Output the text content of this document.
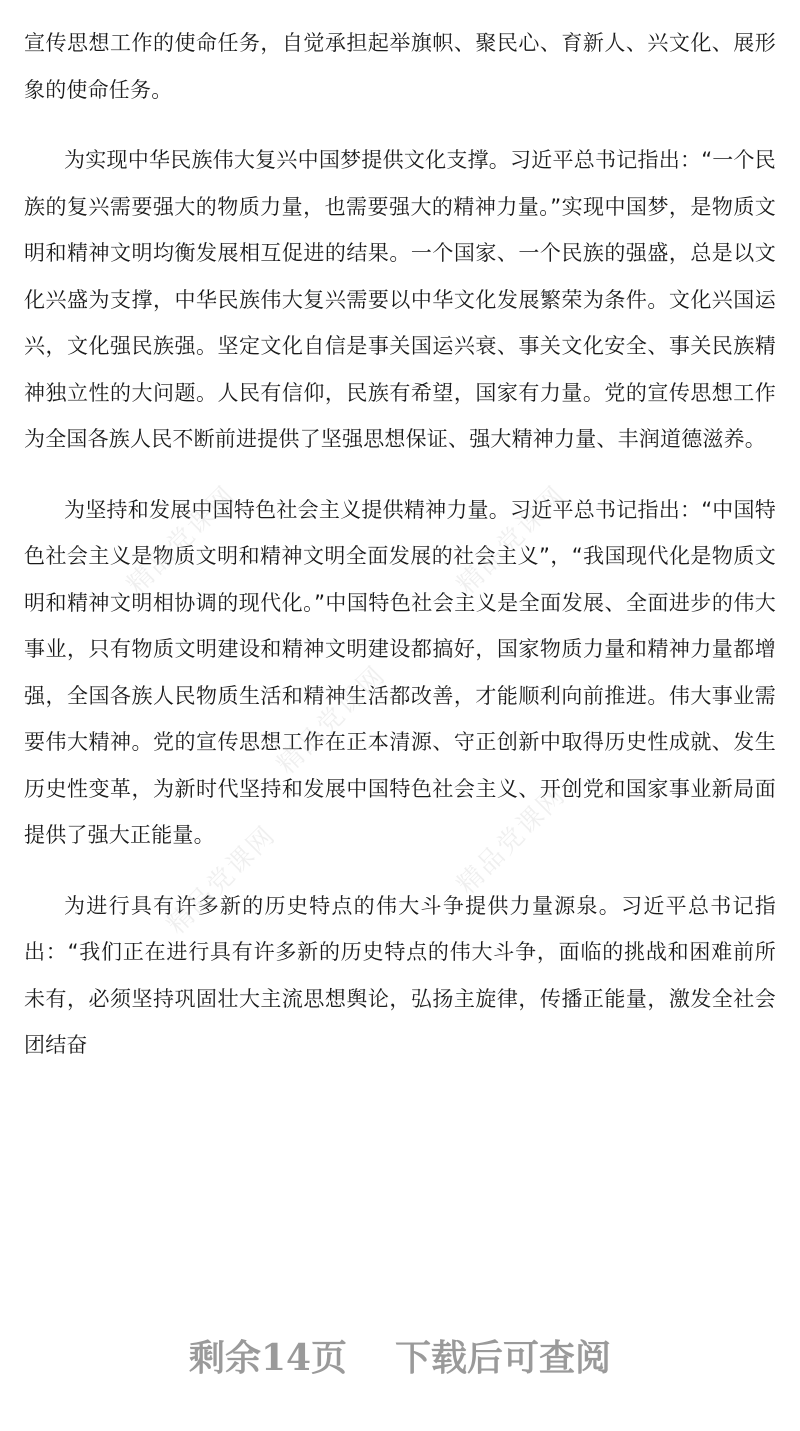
宣传思想工作的使命任务，自觉承担起举旗帜、聚民心、育新人、兴文化、展形象的使命任务。

为实现中华民族伟大复兴中国梦提供文化支撑。习近平总书记指出：“一个民族的复兴需要强大的物质力量，也需要强大的精神力量。”实现中国梦，是物质文明和精神文明均衡发展相互促进的结果。一个国家、一个民族的强盛，总是以文化兴盛为支撑，中华民族伟大复兴需要以中华文化发展繁荣为条件。文化兴国运兴，文化强民族强。坚定文化自信是事关国运兴衰、事关文化安全、事关民族精神独立性的大问题。人民有信仰，民族有希望，国家有力量。党的宣传思想工作为全国各族人民不断前进提供了坚强思想保证、强大精神力量、丰润道德滋养。

为坚持和发展中国特色社会主义提供精神力量。习近平总书记指出：“中国特色社会主义是物质文明和精神文明全面发展的社会主义”，“我国现代化是物质文明和精神文明相协调的现代化。”中国特色社会主义是全面发展、全面进步的伟大事业，只有物质文明建设和精神文明建设都搞好，国家物质力量和精神力量都增强，全国各族人民物质生活和精神生活都改善，才能顺利向前推进。伟大事业需要伟大精神。党的宣传思想工作在正本清源、守正创新中取得历史性成就、发生历史性变革，为新时代坚持和发展中国特色社会主义、开创党和国家事业新局面提供了强大正能量。

为进行具有许多新的历史特点的伟大斗争提供力量源泉。习近平总书记指出：“我们正在进行具有许多新的历史特点的伟大斗争，面临的挑战和困难前所未有，必须坚持巩固壮大主流思想舆论，弘扬主旋律，传播正能量，激发全社会团结奋

精品党课网	精品党课网
精品党课网
精品党课网
精品党课网
剩余14页 下载后可查阅
